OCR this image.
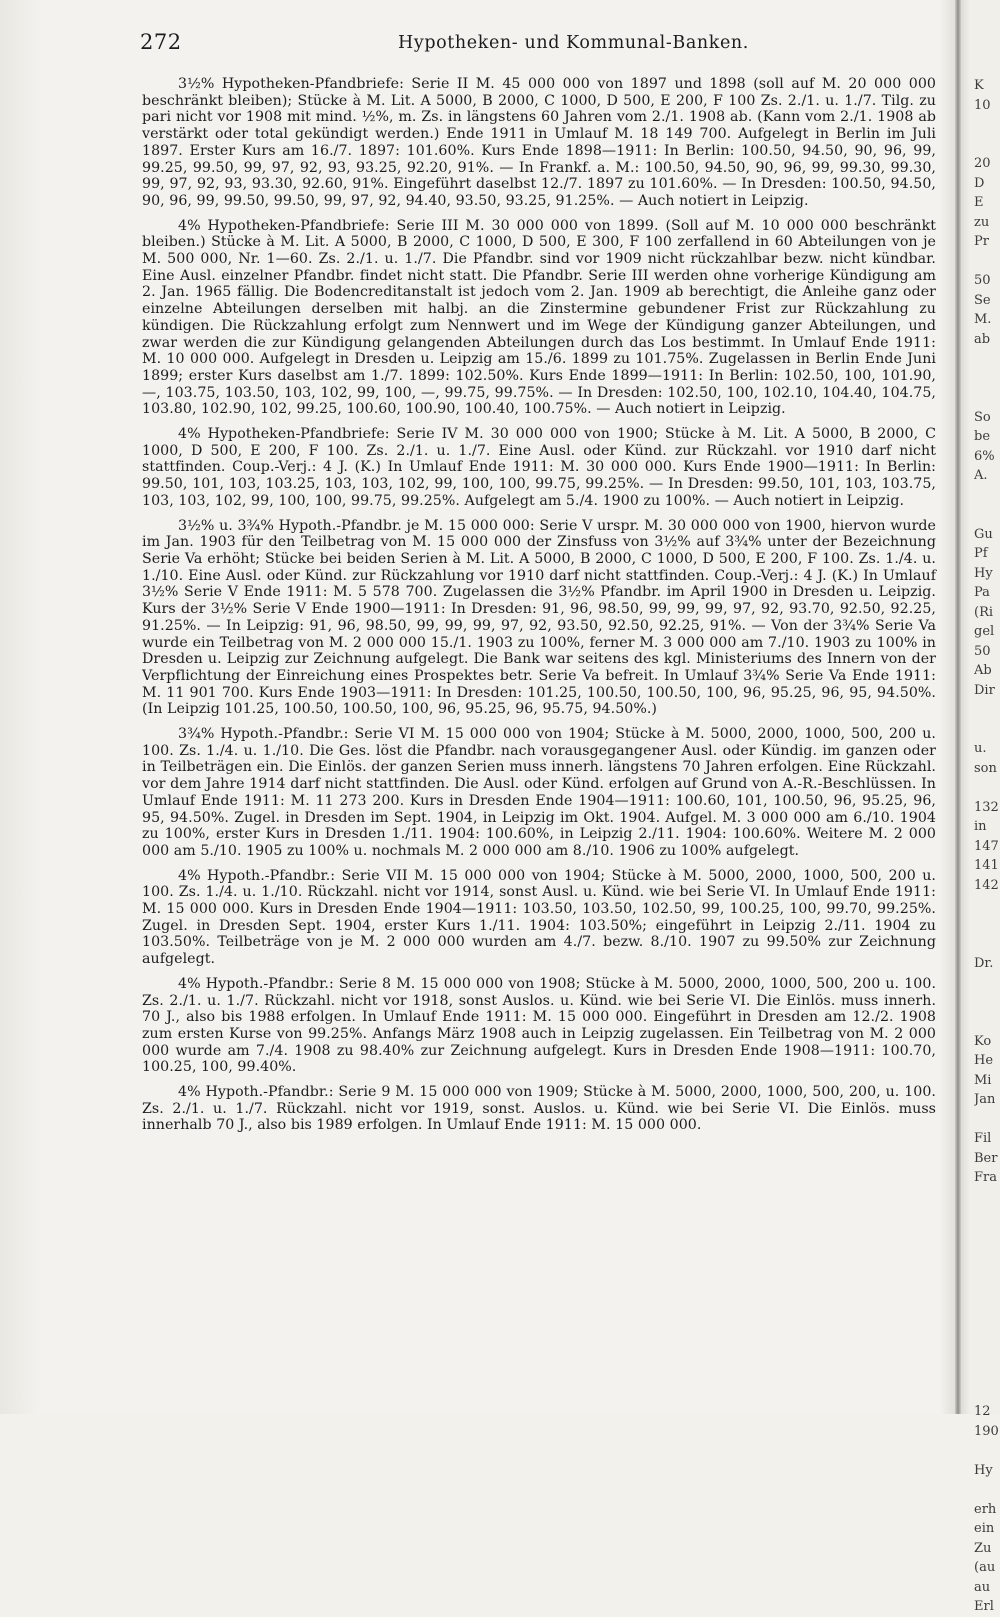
272	Hypotheken- und Kommunal-Banken.

3½% Hypotheken-Pfandbriefe: Serie II M. 45 000 000 von 1897 und 1898 (soll auf M. 20 000 000 beschränkt bleiben); Stücke à M. Lit. A 5000, B 2000, C 1000, D 500, E 200, F 100 Zs. 2./1. u. 1./7. Tilg. zu pari nicht vor 1908 mit mind. ½%, m. Zs. in längstens 60 Jahren vom 2./1. 1908 ab. (Kann vom 2./1. 1908 ab verstärkt oder total gekündigt werden.) Ende 1911 in Umlauf M. 18 149 700. Aufgelegt in Berlin im Juli 1897. Erster Kurs am 16./7. 1897: 101.60%. Kurs Ende 1898—1911: In Berlin: 100.50, 94.50, 90, 96, 99, 99.25, 99.50, 99, 97, 92, 93, 93.25, 92.20, 91%. — In Frankf. a. M.: 100.50, 94.50, 90, 96, 99, 99.30, 99.30, 99, 97, 92, 93, 93.30, 92.60, 91%. Eingeführt daselbst 12./7. 1897 zu 101.60%. — In Dresden: 100.50, 94.50, 90, 96, 99, 99.50, 99.50, 99, 97, 92, 94.40, 93.50, 93.25, 91.25%. — Auch notiert in Leipzig.

4% Hypotheken-Pfandbriefe: Serie III M. 30 000 000 von 1899. (Soll auf M. 10 000 000 beschränkt bleiben.) Stücke à M. Lit. A 5000, B 2000, C 1000, D 500, E 300, F 100 zerfallend in 60 Abteilungen von je M. 500 000, Nr. 1—60. Zs. 2./1. u. 1./7. Die Pfandbr. sind vor 1909 nicht rückzahlbar bezw. nicht kündbar. Eine Ausl. einzelner Pfandbr. findet nicht statt. Die Pfandbr. Serie III werden ohne vorherige Kündigung am 2. Jan. 1965 fällig. Die Bodencreditanstalt ist jedoch vom 2. Jan. 1909 ab berechtigt, die Anleihe ganz oder einzelne Abteilungen derselben mit halbj. an die Zinstermine gebundener Frist zur Rückzahlung zu kündigen. Die Rückzahlung erfolgt zum Nennwert und im Wege der Kündigung ganzer Abteilungen, und zwar werden die zur Kündigung gelangenden Abteilungen durch das Los bestimmt. In Umlauf Ende 1911: M. 10 000 000. Aufgelegt in Dresden u. Leipzig am 15./6. 1899 zu 101.75%. Zugelassen in Berlin Ende Juni 1899; erster Kurs daselbst am 1./7. 1899: 102.50%. Kurs Ende 1899—1911: In Berlin: 102.50, 100, 101.90, —, 103.75, 103.50, 103, 102, 99, 100, —, 99.75, 99.75%. — In Dresden: 102.50, 100, 102.10, 104.40, 104.75, 103.80, 102.90, 102, 99.25, 100.60, 100.90, 100.40, 100.75%. — Auch notiert in Leipzig.

4% Hypotheken-Pfandbriefe: Serie IV M. 30 000 000 von 1900; Stücke à M. Lit. A 5000, B 2000, C 1000, D 500, E 200, F 100. Zs. 2./1. u. 1./7. Eine Ausl. oder Künd. zur Rückzahl. vor 1910 darf nicht stattfinden. Coup.-Verj.: 4 J. (K.) In Umlauf Ende 1911: M. 30 000 000. Kurs Ende 1900—1911: In Berlin: 99.50, 101, 103, 103.25, 103, 103, 102, 99, 100, 100, 99.75, 99.25%. — In Dresden: 99.50, 101, 103, 103.75, 103, 103, 102, 99, 100, 100, 99.75, 99.25%. Aufgelegt am 5./4. 1900 zu 100%. — Auch notiert in Leipzig.

3½% u. 3¾% Hypoth.-Pfandbr. je M. 15 000 000: Serie V urspr. M. 30 000 000 von 1900, hiervon wurde im Jan. 1903 für den Teilbetrag von M. 15 000 000 der Zinsfuss von 3½% auf 3¾% unter der Bezeichnung Serie Va erhöht; Stücke bei beiden Serien à M. Lit. A 5000, B 2000, C 1000, D 500, E 200, F 100. Zs. 1./4. u. 1./10. Eine Ausl. oder Künd. zur Rückzahlung vor 1910 darf nicht stattfinden. Coup.-Verj.: 4 J. (K.) In Umlauf 3½% Serie V Ende 1911: M. 5 578 700. Zugelassen die 3½% Pfandbr. im April 1900 in Dresden u. Leipzig. Kurs der 3½% Serie V Ende 1900—1911: In Dresden: 91, 96, 98.50, 99, 99, 99, 97, 92, 93.70, 92.50, 92.25, 91.25%. — In Leipzig: 91, 96, 98.50, 99, 99, 99, 97, 92, 93.50, 92.50, 92.25, 91%. — Von der 3¾% Serie Va wurde ein Teilbetrag von M. 2 000 000 15./1. 1903 zu 100%, ferner M. 3 000 000 am 7./10. 1903 zu 100% in Dresden u. Leipzig zur Zeichnung aufgelegt. Die Bank war seitens des kgl. Ministeriums des Innern von der Verpflichtung der Einreichung eines Prospektes betr. Serie Va befreit. In Umlauf 3¾% Serie Va Ende 1911: M. 11 901 700. Kurs Ende 1903—1911: In Dresden: 101.25, 100.50, 100.50, 100, 96, 95.25, 96, 95, 94.50%. (In Leipzig 101.25, 100.50, 100.50, 100, 96, 95.25, 96, 95.75, 94.50%.)

3¾% Hypoth.-Pfandbr.: Serie VI M. 15 000 000 von 1904; Stücke à M. 5000, 2000, 1000, 500, 200 u. 100. Zs. 1./4. u. 1./10. Die Ges. löst die Pfandbr. nach vorausgegangener Ausl. oder Kündig. im ganzen oder in Teilbeträgen ein. Die Einlös. der ganzen Serien muss innerh. längstens 70 Jahren erfolgen. Eine Rückzahl. vor dem Jahre 1914 darf nicht stattfinden. Die Ausl. oder Künd. erfolgen auf Grund von A.-R.-Beschlüssen. In Umlauf Ende 1911: M. 11 273 200. Kurs in Dresden Ende 1904—1911: 100.60, 101, 100.50, 96, 95.25, 96, 95, 94.50%. Zugel. in Dresden im Sept. 1904, in Leipzig im Okt. 1904. Aufgel. M. 3 000 000 am 6./10. 1904 zu 100%, erster Kurs in Dresden 1./11. 1904: 100.60%, in Leipzig 2./11. 1904: 100.60%. Weitere M. 2 000 000 am 5./10. 1905 zu 100% u. nochmals M. 2 000 000 am 8./10. 1906 zu 100% aufgelegt.

4% Hypoth.-Pfandbr.: Serie VII M. 15 000 000 von 1904; Stücke à M. 5000, 2000, 1000, 500, 200 u. 100. Zs. 1./4. u. 1./10. Rückzahl. nicht vor 1914, sonst Ausl. u. Künd. wie bei Serie VI. In Umlauf Ende 1911: M. 15 000 000. Kurs in Dresden Ende 1904—1911: 103.50, 103.50, 102.50, 99, 100.25, 100, 99.70, 99.25%. Zugel. in Dresden Sept. 1904, erster Kurs 1./11. 1904: 103.50%; eingeführt in Leipzig 2./11. 1904 zu 103.50%. Teilbeträge von je M. 2 000 000 wurden am 4./7. bezw. 8./10. 1907 zu 99.50% zur Zeichnung aufgelegt.

4% Hypoth.-Pfandbr.: Serie 8 M. 15 000 000 von 1908; Stücke à M. 5000, 2000, 1000, 500, 200 u. 100. Zs. 2./1. u. 1./7. Rückzahl. nicht vor 1918, sonst Auslos. u. Künd. wie bei Serie VI. Die Einlös. muss innerh. 70 J., also bis 1988 erfolgen. In Umlauf Ende 1911: M. 15 000 000. Eingeführt in Dresden am 12./2. 1908 zum ersten Kurse von 99.25%. Anfangs März 1908 auch in Leipzig zugelassen. Ein Teilbetrag von M. 2 000 000 wurde am 7./4. 1908 zu 98.40% zur Zeichnung aufgelegt. Kurs in Dresden Ende 1908—1911: 100.70, 100.25, 100, 99.40%.

4% Hypoth.-Pfandbr.: Serie 9 M. 15 000 000 von 1909; Stücke à M. 5000, 2000, 1000, 500, 200, u. 100. Zs. 2./1. u. 1./7. Rückzahl. nicht vor 1919, sonst. Auslos. u. Künd. wie bei Serie VI. Die Einlös. muss innerhalb 70 J., also bis 1989 erfolgen. In Umlauf Ende 1911: M. 15 000 000.

K
10
20
D
E
zu
Pr
50
Se
M.
ab
So
be
6%
A.
Gu
Pf
Hy
Pa
(Ri
gel
50
Ab
Dir
u.
son
132
in
147
141
142
Dr.
Ko
He
Mi
Jan
Fil
Ber
Fra
12
190
Hy
erh
ein
Zu
(au
au
Erl
